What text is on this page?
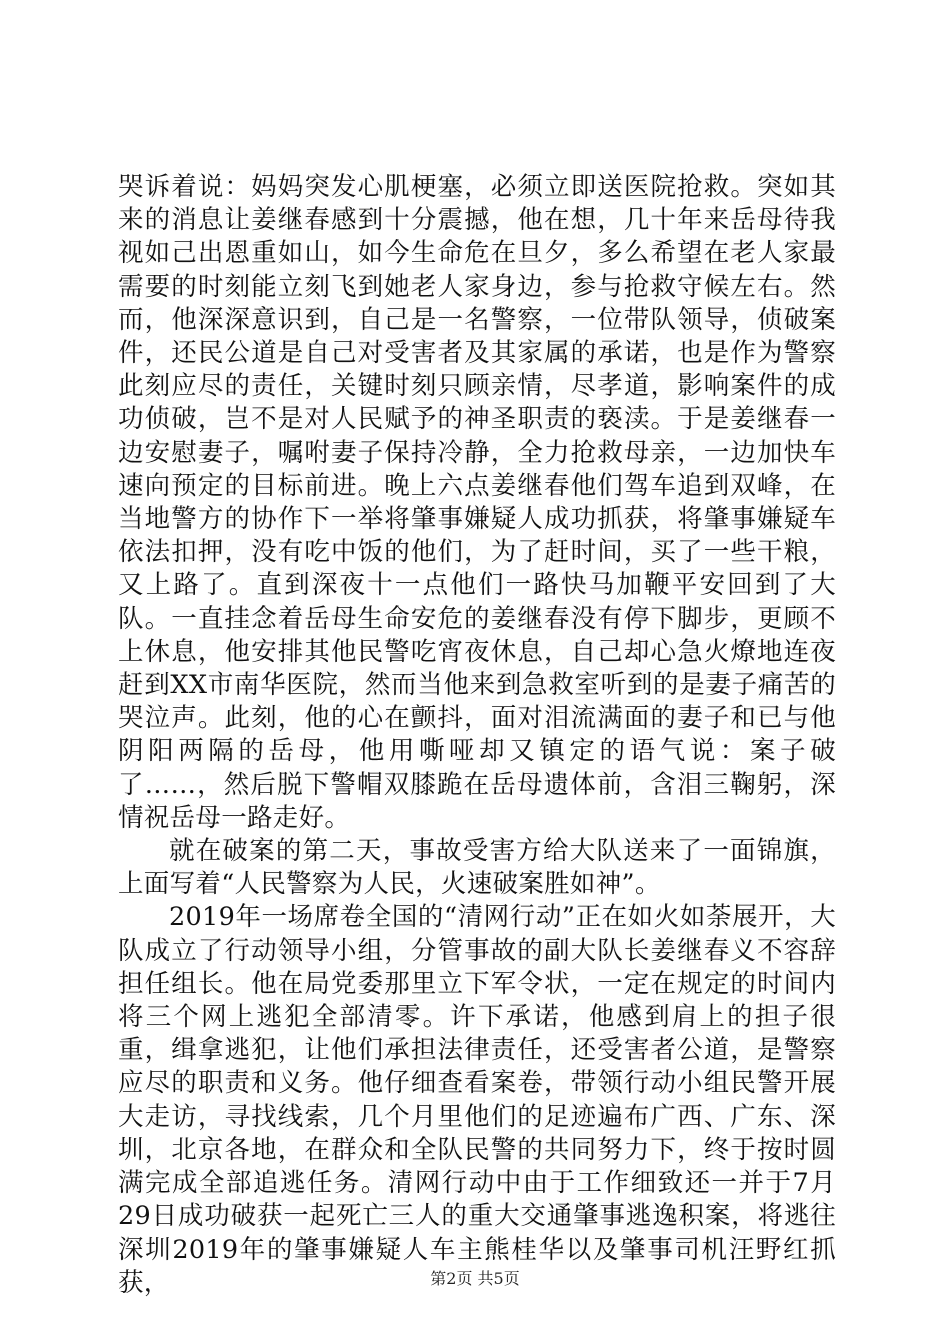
哭诉着说：妈妈突发心肌梗塞，必须立即送医院抢救。突如其来的消息让姜继春感到十分震撼，他在想，几十年来岳母待我视如己出恩重如山，如今生命危在旦夕，多么希望在老人家最需要的时刻能立刻飞到她老人家身边，参与抢救守候左右。然而，他深深意识到，自己是一名警察，一位带队领导，侦破案件，还民公道是自己对受害者及其家属的承诺，也是作为警察此刻应尽的责任，关键时刻只顾亲情，尽孝道，影响案件的成功侦破，岂不是对人民赋予的神圣职责的亵渎。于是姜继春一边安慰妻子，嘱咐妻子保持冷静，全力抢救母亲，一边加快车速向预定的目标前进。晚上六点姜继春他们驾车追到双峰，在当地警方的协作下一举将肇事嫌疑人成功抓获，将肇事嫌疑车依法扣押，没有吃中饭的他们，为了赶时间，买了一些干粮，又上路了。直到深夜十一点他们一路快马加鞭平安回到了大队。一直挂念着岳母生命安危的姜继春没有停下脚步，更顾不上休息，他安排其他民警吃宵夜休息，自己却心急火燎地连夜赶到XX市南华医院，然而当他来到急救室听到的是妻子痛苦的哭泣声。此刻，他的心在颤抖，面对泪流满面的妻子和已与他阴阳两隔的岳母，他用嘶哑却又镇定的语气说：案子破了……，然后脱下警帽双膝跪在岳母遗体前，含泪三鞠躬，深情祝岳母一路走好。

就在破案的第二天，事故受害方给大队送来了一面锦旗，上面写着“人民警察为人民，火速破案胜如神”。

2019年一场席卷全国的“清网行动”正在如火如荼展开，大队成立了行动领导小组，分管事故的副大队长姜继春义不容辞担任组长。他在局党委那里立下军令状，一定在规定的时间内将三个网上逃犯全部清零。许下承诺，他感到肩上的担子很重，缉拿逃犯，让他们承担法律责任，还受害者公道，是警察应尽的职责和义务。他仔细查看案卷，带领行动小组民警开展大走访，寻找线索，几个月里他们的足迹遍布广西、广东、深圳，北京各地，在群众和全队民警的共同努力下，终于按时圆满完成全部追逃任务。清网行动中由于工作细致还一并于7月29日成功破获一起死亡三人的重大交通肇事逃逸积案，将逃往深圳2019年的肇事嫌疑人车主熊桂华以及肇事司机汪野红抓获，	第2页 共5页
